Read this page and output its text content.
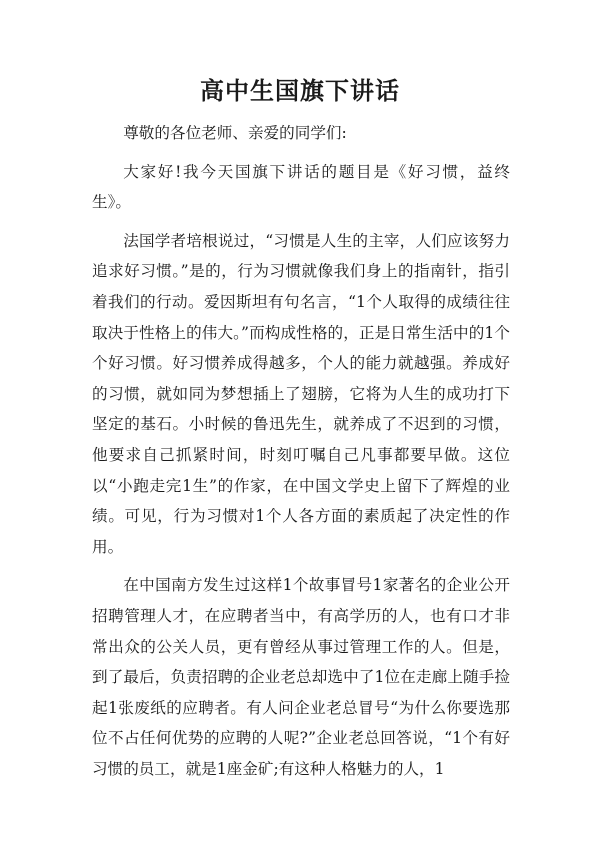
高中生国旗下讲话

尊敬的各位老师、亲爱的同学们:

大家好!我今天国旗下讲话的题目是《好习惯，益终生》。

法国学者培根说过，“习惯是人生的主宰，人们应该努力追求好习惯。”是的，行为习惯就像我们身上的指南针，指引着我们的行动。爱因斯坦有句名言，“1个人取得的成绩往往取决于性格上的伟大。”而构成性格的，正是日常生活中的1个个好习惯。好习惯养成得越多，个人的能力就越强。养成好的习惯，就如同为梦想插上了翅膀，它将为人生的成功打下坚定的基石。小时候的鲁迅先生，就养成了不迟到的习惯，他要求自己抓紧时间，时刻叮嘱自己凡事都要早做。这位以“小跑走完1生”的作家，在中国文学史上留下了辉煌的业绩。可见，行为习惯对1个人各方面的素质起了决定性的作用。

在中国南方发生过这样1个故事冒号1家著名的企业公开招聘管理人才，在应聘者当中，有高学历的人，也有口才非常出众的公关人员，更有曾经从事过管理工作的人。但是，到了最后，负责招聘的企业老总却选中了1位在走廊上随手捡起1张废纸的应聘者。有人问企业老总冒号“为什么你要选那位不占任何优势的应聘的人呢?”企业老总回答说，“1个有好习惯的员工，就是1座金矿;有这种人格魅力的人，1
